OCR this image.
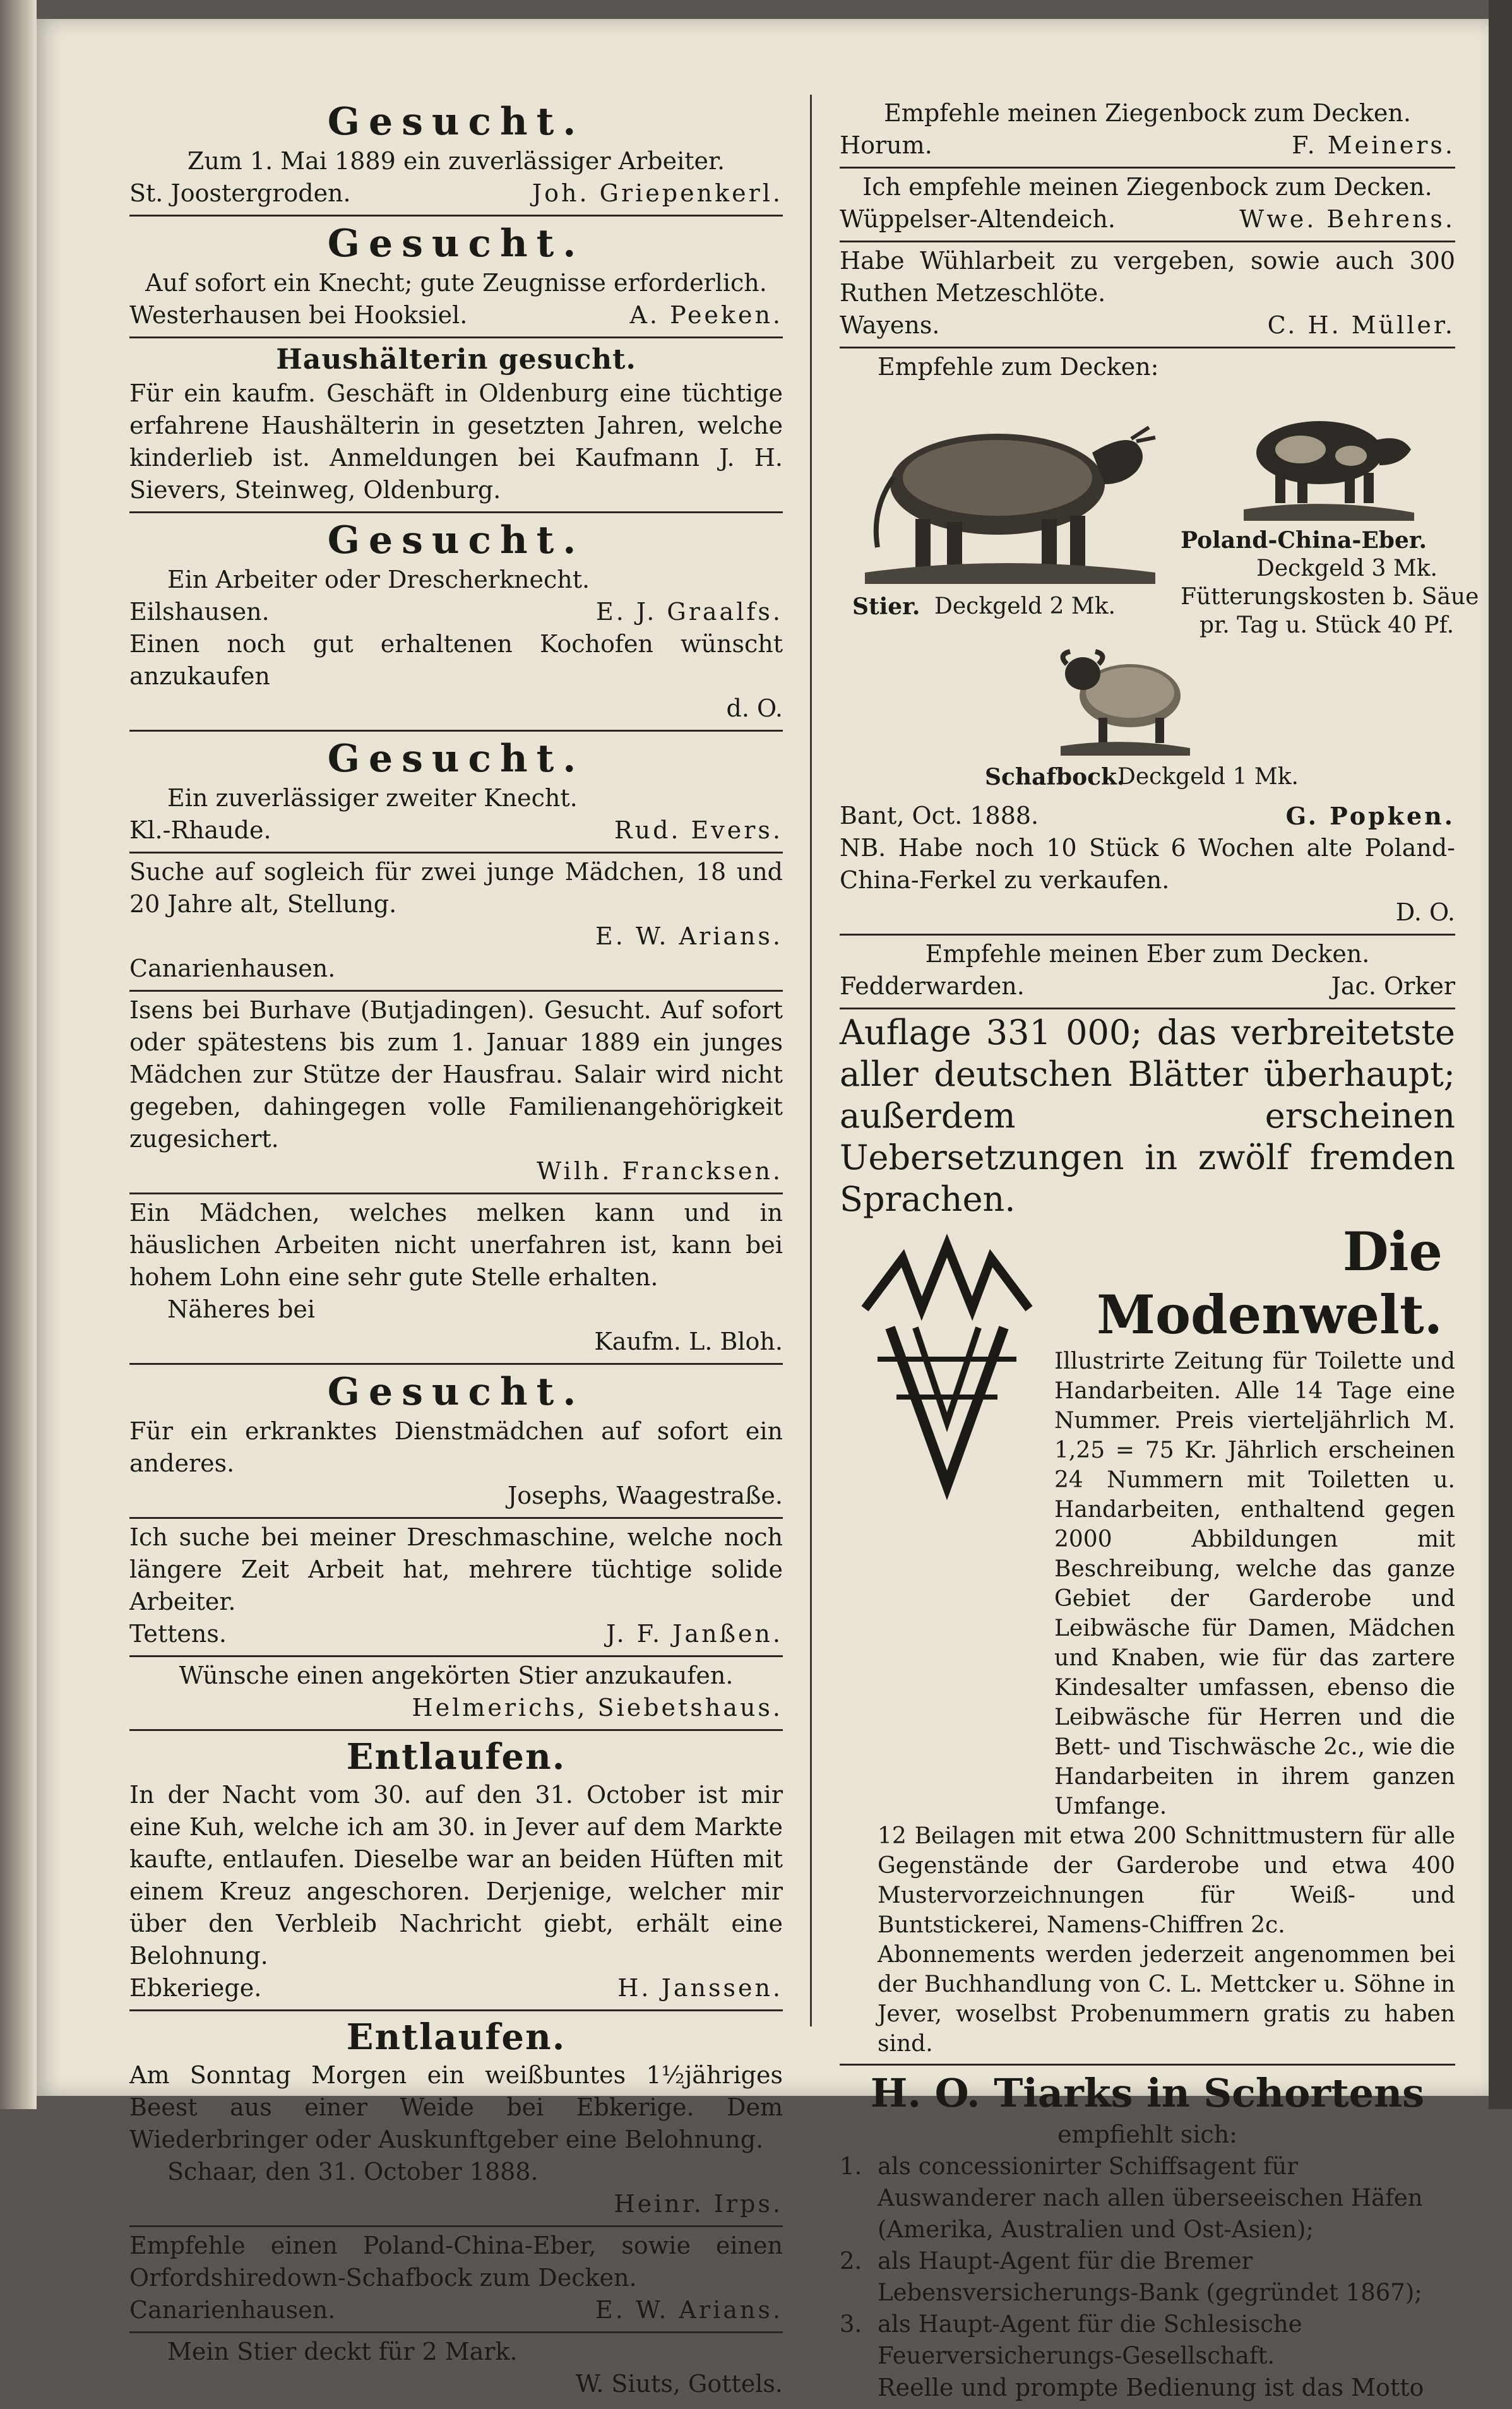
Gesucht.

Zum 1. Mai 1889 ein zuverlässiger Arbeiter.

St. Joostergroden.	Joh. Griepenkerl.
Gesucht.

Auf sofort ein Knecht; gute Zeugnisse erforderlich.

Westerhausen bei Hooksiel.	A. Peeken.
Haushälterin gesucht.

Für ein kaufm. Geschäft in Oldenburg eine tüchtige erfahrene Haushälterin in gesetzten Jahren, welche kinderlieb ist. Anmeldungen bei Kaufmann J. H. Sievers, Steinweg, Oldenburg.

Gesucht.

Ein Arbeiter oder Drescherknecht.

Eilshausen.	E. J. Graalfs.

Einen noch gut erhaltenen Kochofen wünscht anzukaufen

d. O.
Gesucht.

Ein zuverlässiger zweiter Knecht.

Kl.-Rhaude.	Rud. Evers.

Suche auf sogleich für zwei junge Mädchen, 18 und 20 Jahre alt, Stellung.

E. W. Arians.

Canarienhausen.

Isens bei Burhave (Butjadingen). Gesucht. Auf sofort oder spätestens bis zum 1. Januar 1889 ein junges Mädchen zur Stütze der Hausfrau. Salair wird nicht gegeben, dahingegen volle Familienangehörigkeit zugesichert.

Wilh. Francksen.

Ein Mädchen, welches melken kann und in häuslichen Arbeiten nicht unerfahren ist, kann bei hohem Lohn eine sehr gute Stelle erhalten.

Näheres bei

Kaufm. L. Bloh.
Gesucht.

Für ein erkranktes Dienstmädchen auf sofort ein anderes.

Josephs, Waagestraße.

Ich suche bei meiner Dreschmaschine, welche noch längere Zeit Arbeit hat, mehrere tüchtige solide Arbeiter.

Tettens.	J. F. Janßen.

Wünsche einen angekörten Stier anzukaufen.

Helmerichs, Siebetshaus.
Entlaufen.

In der Nacht vom 30. auf den 31. October ist mir eine Kuh, welche ich am 30. in Jever auf dem Markte kaufte, entlaufen. Dieselbe war an beiden Hüften mit einem Kreuz angeschoren. Derjenige, welcher mir über den Verbleib Nachricht giebt, erhält eine Belohnung.

Ebkeriege.	H. Janssen.
Entlaufen.

Am Sonntag Morgen ein weißbuntes 1½jähriges Beest aus einer Weide bei Ebkerige. Dem Wiederbringer oder Auskunftgeber eine Belohnung.

Schaar, den 31. October 1888.

Heinr. Irps.

Empfehle einen Poland-China-Eber, sowie einen Orfordshiredown-Schafbock zum Decken.

Canarienhausen.	E. W. Arians.

Mein Stier deckt für 2 Mark.

W. Siuts, Gottels.

Empfehle meinen Ziegenbock zum Decken.

Horum.	F. Meiners.

Ich empfehle meinen Ziegenbock zum Decken.

Wüppelser-Altendeich.	Wwe. Behrens.

Habe Wühlarbeit zu vergeben, sowie auch 300 Ruthen Metzeschlöte.

Wayens.	C. H. Müller.

Empfehle zum Decken:

Stier. Deckgeld 2 Mk.
Poland-China-Eber.
Deckgeld 3 Mk.
Fütterungskosten b. Säue
pr. Tag u. Stück 40 Pf.
Schafbock.
Deckgeld 1 Mk.
Bant, Oct. 1888.	G. Popken.

NB. Habe noch 10 Stück 6 Wochen alte Poland-China-Ferkel zu verkaufen.

D. O.

Empfehle meinen Eber zum Decken.

Fedderwarden.	Jac. Orker

Auflage 331 000; das verbreitetste aller deutschen Blätter überhaupt; außerdem erscheinen Uebersetzungen in zwölf fremden Sprachen.

Die Modenwelt.

Illustrirte Zeitung für Toilette und Handarbeiten. Alle 14 Tage eine Nummer. Preis vierteljährlich M. 1,25 = 75 Kr. Jährlich erscheinen 24 Nummern mit Toiletten u. Handarbeiten, enthaltend gegen 2000 Abbildungen mit Beschreibung, welche das ganze Gebiet der Garderobe und Leibwäsche für Damen, Mädchen und Knaben, wie für das zartere Kindesalter umfassen, ebenso die Leibwäsche für Herren und die Bett- und Tischwäsche 2c., wie die Handarbeiten in ihrem ganzen Umfange.

12 Beilagen mit etwa 200 Schnittmustern für alle Gegenstände der Garderobe und etwa 400 Mustervorzeichnungen für Weiß- und Buntstickerei, Namens-Chiffren 2c.

Abonnements werden jederzeit angenommen bei der Buchhandlung von C. L. Mettcker u. Söhne in Jever, woselbst Probenummern gratis zu haben sind.

H. O. Tiarks in Schortens

empfiehlt sich:

1. als concessionirter Schiffsagent für Auswanderer nach allen überseeischen Häfen (Amerika, Australien und Ost-Asien);
2. als Haupt-Agent für die Bremer Lebensversicherungs-Bank (gegründet 1867);
3. als Haupt-Agent für die Schlesische Feuerversicherungs-Gesellschaft.

Reelle und prompte Bedienung ist das Motto
